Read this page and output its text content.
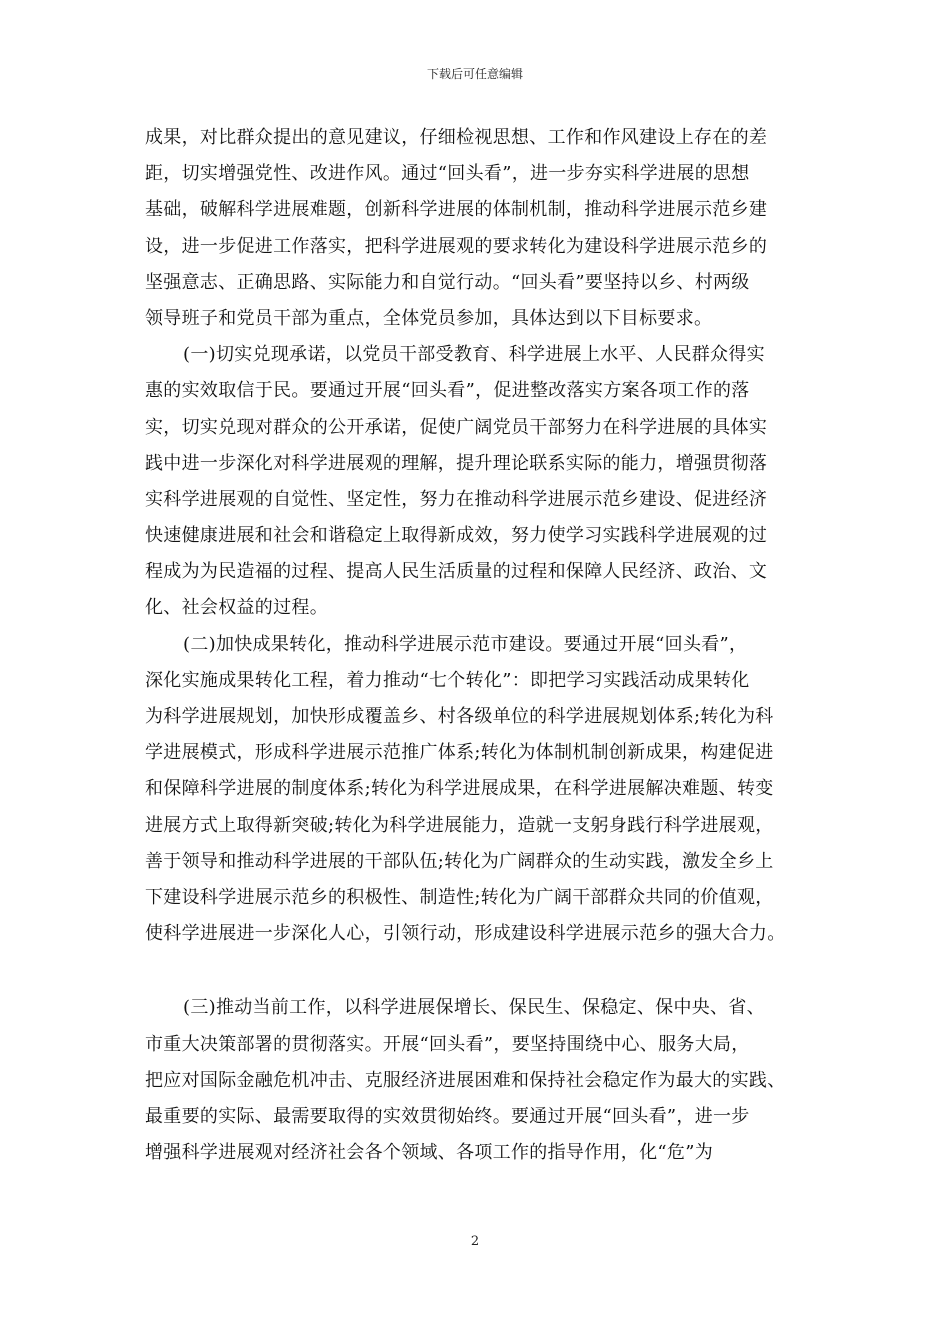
下载后可任意编辑
成果，对比群众提出的意见建议，仔细检视思想、工作和作风建设上存在的差
距，切实增强党性、改进作风。通过“回头看”，进一步夯实科学进展的思想
基础，破解科学进展难题，创新科学进展的体制机制，推动科学进展示范乡建
设，进一步促进工作落实，把科学进展观的要求转化为建设科学进展示范乡的
坚强意志、正确思路、实际能力和自觉行动。“回头看”要坚持以乡、村两级
领导班子和党员干部为重点，全体党员参加，具体达到以下目标要求。
(一)切实兑现承诺，以党员干部受教育、科学进展上水平、人民群众得实
惠的实效取信于民。要通过开展“回头看”，促进整改落实方案各项工作的落
实，切实兑现对群众的公开承诺，促使广阔党员干部努力在科学进展的具体实
践中进一步深化对科学进展观的理解，提升理论联系实际的能力，增强贯彻落
实科学进展观的自觉性、坚定性，努力在推动科学进展示范乡建设、促进经济
快速健康进展和社会和谐稳定上取得新成效，努力使学习实践科学进展观的过
程成为为民造福的过程、提高人民生活质量的过程和保障人民经济、政治、文
化、社会权益的过程。
(二)加快成果转化，推动科学进展示范市建设。要通过开展“回头看”，
深化实施成果转化工程，着力推动“七个转化”：即把学习实践活动成果转化
为科学进展规划，加快形成覆盖乡、村各级单位的科学进展规划体系;转化为科
学进展模式，形成科学进展示范推广体系;转化为体制机制创新成果，构建促进
和保障科学进展的制度体系;转化为科学进展成果，在科学进展解决难题、转变
进展方式上取得新突破;转化为科学进展能力，造就一支躬身践行科学进展观，
善于领导和推动科学进展的干部队伍;转化为广阔群众的生动实践，激发全乡上
下建设科学进展示范乡的积极性、制造性;转化为广阔干部群众共同的价值观，
使科学进展进一步深化人心，引领行动，形成建设科学进展示范乡的强大合力。
(三)推动当前工作，以科学进展保增长、保民生、保稳定、保中央、省、
市重大决策部署的贯彻落实。开展“回头看”，要坚持围绕中心、服务大局，
把应对国际金融危机冲击、克服经济进展困难和保持社会稳定作为最大的实践、
最重要的实际、最需要取得的实效贯彻始终。要通过开展“回头看”，进一步
增强科学进展观对经济社会各个领域、各项工作的指导作用，化“危”为
2
